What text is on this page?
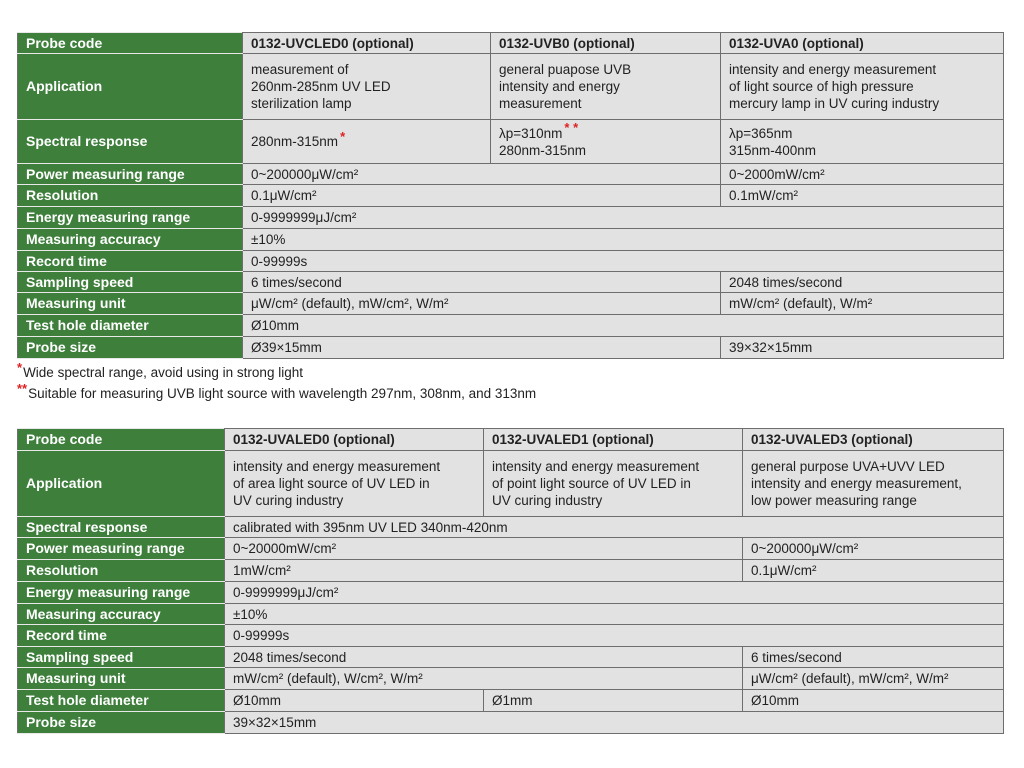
Probe code	0132-UVCLED0 (optional)	0132-UVB0 (optional)	0132-UVA0 (optional)
Application	measurement of
260nm-285nm UV LED
sterilization lamp	general puapose UVB
intensity and energy
measurement	intensity and energy measurement
of light source of high pressure
mercury lamp in UV curing industry
Spectral response	280nm-315nm *	λp=310nm * *
280nm-315nm	λp=365nm
315nm-400nm
Power measuring range	0~200000μW/cm²		0~2000mW/cm²
Resolution	0.1μW/cm²		0.1mW/cm²
Energy measuring range	0-9999999μJ/cm²		
Measuring accuracy	±10%		
Record time	0-99999s		
Sampling speed	6 times/second		2048 times/second
Measuring unit	μW/cm² (default), mW/cm², W/m²		mW/cm² (default), W/m²
Test hole diameter	Ø10mm		
Probe size	Ø39×15mm		39×32×15mm
*Wide spectral range, avoid using in strong light
**Suitable for measuring UVB light source with wavelength 297nm, 308nm, and 313nm
Probe code	0132-UVALED0 (optional)	0132-UVALED1 (optional)	0132-UVALED3 (optional)
Application	intensity and energy measurement
of area light source of UV LED in
UV curing industry	intensity and energy measurement
of point light source of UV LED in
UV curing industry	general purpose UVA+UVV LED
intensity and energy measurement,
low power measuring range
Spectral response	calibrated with 395nm UV LED 340nm-420nm		
Power measuring range	0~20000mW/cm²		0~200000μW/cm²
Resolution	1mW/cm²		0.1μW/cm²
Energy measuring range	0-9999999μJ/cm²		
Measuring accuracy	±10%		
Record time	0-99999s		
Sampling speed	2048 times/second		6 times/second
Measuring unit	mW/cm² (default), W/cm², W/m²		μW/cm² (default), mW/cm², W/m²
Test hole diameter	Ø10mm	Ø1mm	Ø10mm
Probe size	39×32×15mm		
